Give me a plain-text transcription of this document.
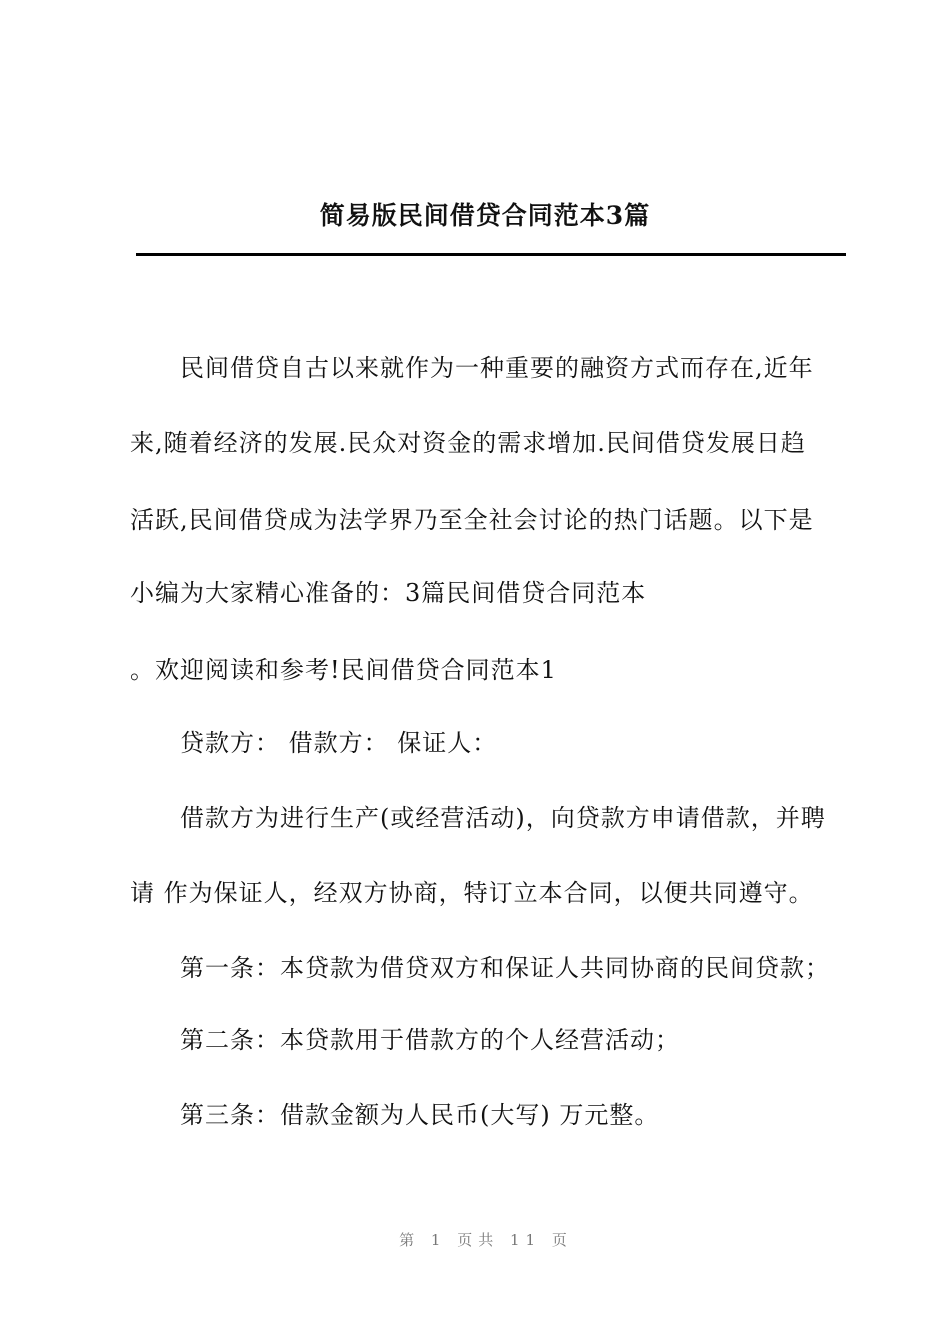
简易版民间借贷合同范本3篇
民间借贷自古以来就作为一种重要的融资方式而存在,近年
来,随着经济的发展.民众对资金的需求增加.民间借贷发展日趋
活跃,民间借贷成为法学界乃至全社会讨论的热门话题。以下是
小编为大家精心准备的：3篇民间借贷合同范本
。欢迎阅读和参考!民间借贷合同范本1
贷款方： 借款方： 保证人：
借款方为进行生产(或经营活动)，向贷款方申请借款，并聘
请 作为保证人，经双方协商，特订立本合同，以便共同遵守。
第一条：本贷款为借贷双方和保证人共同协商的民间贷款；
第二条：本贷款用于借款方的个人经营活动；
第三条：借款金额为人民币(大写) 万元整。
第 1 页共 11 页
